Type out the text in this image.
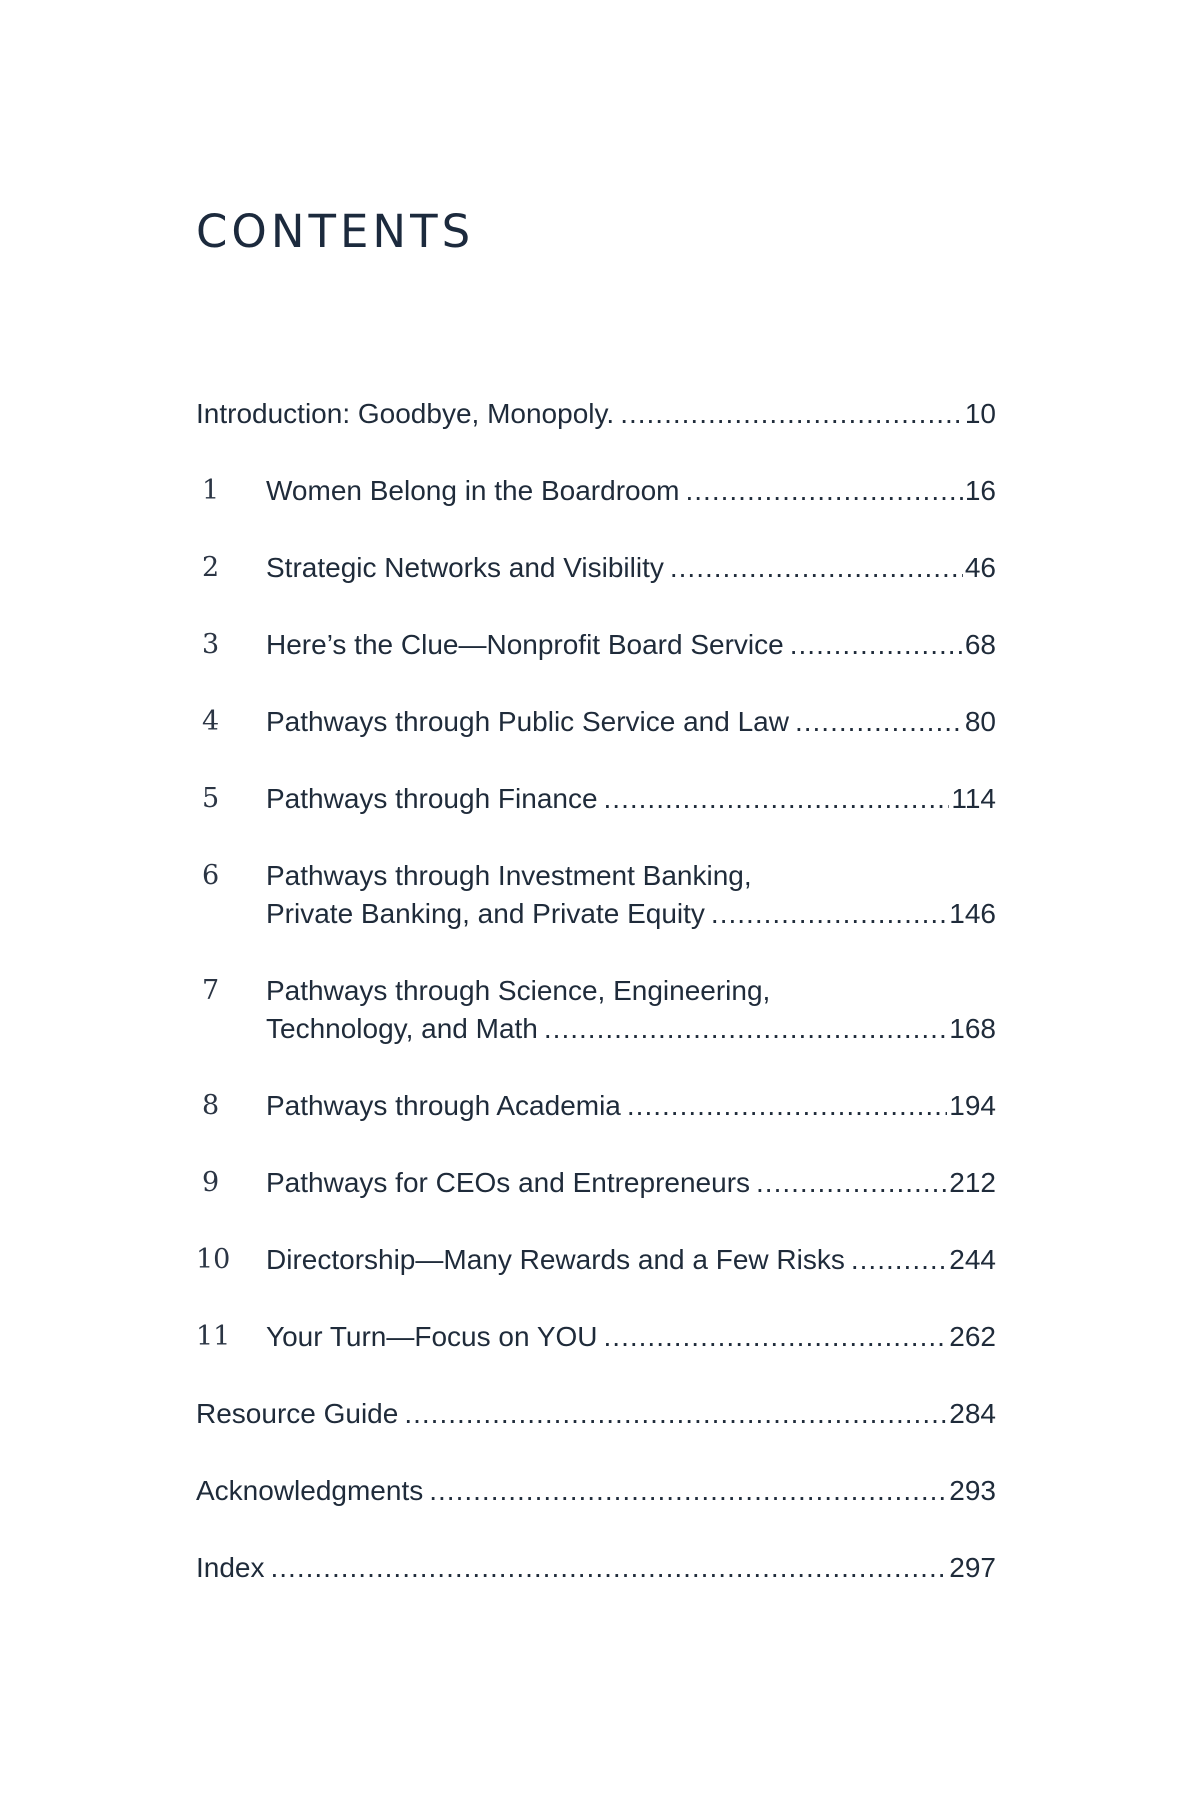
CONTENTS
Introduction: Goodbye, Monopoly. .....	10
1	Women Belong in the Boardroom .....	16
2	Strategic Networks and Visibility .....	46
3	Here’s the Clue—Nonprofit Board Service .....	68
4	Pathways through Public Service and Law .....	80
5	Pathways through Finance .....	114
6	Pathways through Investment Banking,
Private Banking, and Private Equity .....	146
7	Pathways through Science, Engineering,
Technology, and Math .....	168
8	Pathways through Academia .....	194
9	Pathways for CEOs and Entrepreneurs .....	212
10	Directorship—Many Rewards and a Few Risks .....	244
11	Your Turn—Focus on YOU .....	262
Resource Guide .....	284
Acknowledgments .....	293
Index .....	297
